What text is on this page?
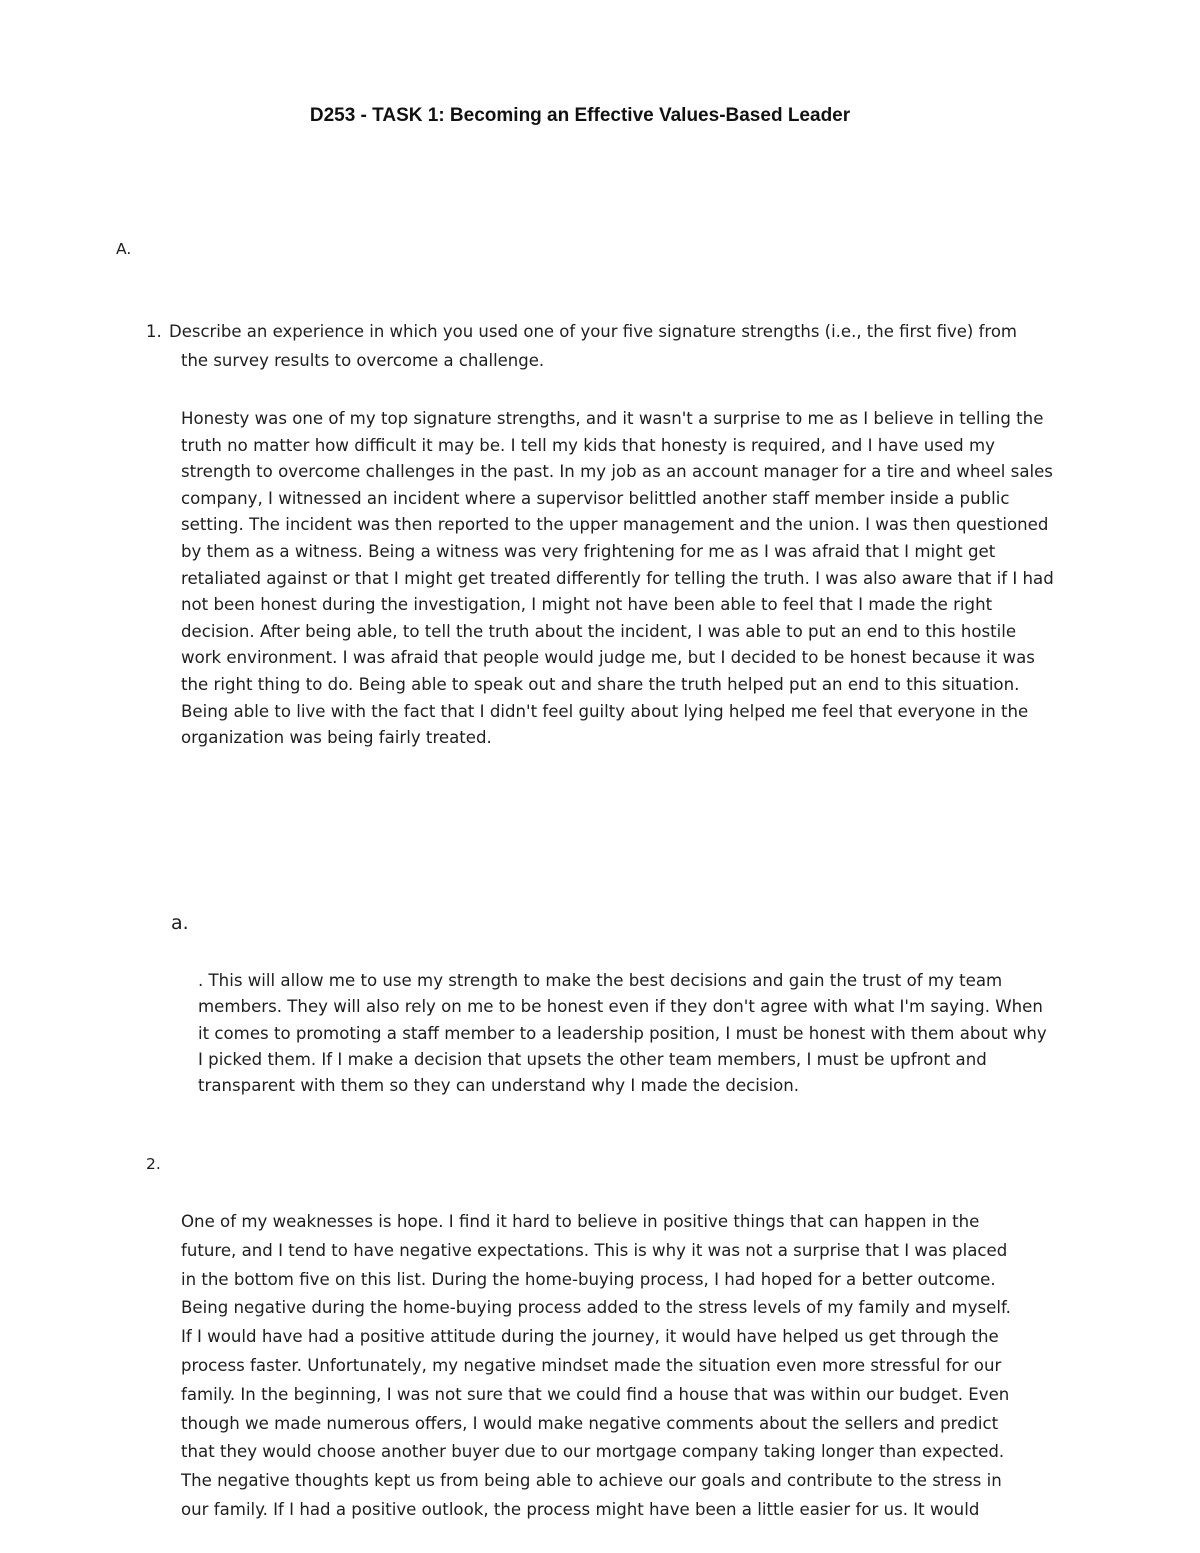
D253 - TASK 1: Becoming an Effective Values-Based Leader
A.
1. Describe an experience in which you used one of your five signature strengths (i.e., the first five) from
the survey results to overcome a challenge.
Honesty was one of my top signature strengths, and it wasn't a surprise to me as I believe in telling the
truth no matter how difficult it may be. I tell my kids that honesty is required, and I have used my
strength to overcome challenges in the past. In my job as an account manager for a tire and wheel sales
company, I witnessed an incident where a supervisor belittled another staff member inside a public
setting. The incident was then reported to the upper management and the union. I was then questioned
by them as a witness. Being a witness was very frightening for me as I was afraid that I might get
retaliated against or that I might get treated differently for telling the truth. I was also aware that if I had
not been honest during the investigation, I might not have been able to feel that I made the right
decision. After being able, to tell the truth about the incident, I was able to put an end to this hostile
work environment. I was afraid that people would judge me, but I decided to be honest because it was
the right thing to do. Being able to speak out and share the truth helped put an end to this situation.
Being able to live with the fact that I didn't feel guilty about lying helped me feel that everyone in the
organization was being fairly treated.
a.
. This will allow me to use my strength to make the best decisions and gain the trust of my team
members. They will also rely on me to be honest even if they don't agree with what I'm saying. When
it comes to promoting a staff member to a leadership position, I must be honest with them about why
I picked them. If I make a decision that upsets the other team members, I must be upfront and
transparent with them so they can understand why I made the decision.
2.
One of my weaknesses is hope. I find it hard to believe in positive things that can happen in the
future, and I tend to have negative expectations. This is why it was not a surprise that I was placed
in the bottom five on this list. During the home-buying process, I had hoped for a better outcome.
Being negative during the home-buying process added to the stress levels of my family and myself.
If I would have had a positive attitude during the journey, it would have helped us get through the
process faster. Unfortunately, my negative mindset made the situation even more stressful for our
family. In the beginning, I was not sure that we could find a house that was within our budget. Even
though we made numerous offers, I would make negative comments about the sellers and predict
that they would choose another buyer due to our mortgage company taking longer than expected.
The negative thoughts kept us from being able to achieve our goals and contribute to the stress in
our family. If I had a positive outlook, the process might have been a little easier for us. It would
